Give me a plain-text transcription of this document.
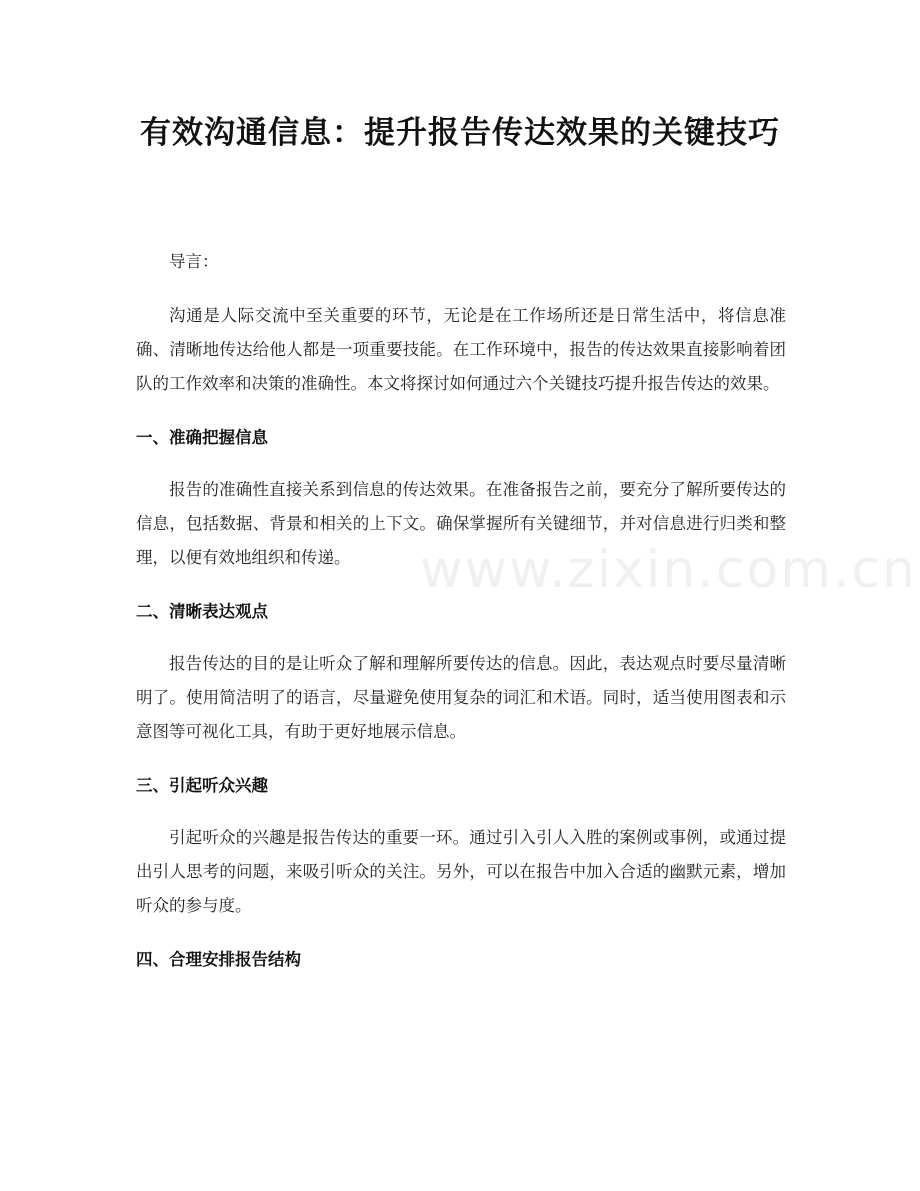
有效沟通信息：提升报告传达效果的关键技巧

导言：

沟通是人际交流中至关重要的环节，无论是在工作场所还是日常生活中，将信息准确、清晰地传达给他人都是一项重要技能。在工作环境中，报告的传达效果直接影响着团队的工作效率和决策的准确性。本文将探讨如何通过六个关键技巧提升报告传达的效果。

一、准确把握信息

报告的准确性直接关系到信息的传达效果。在准备报告之前，要充分了解所要传达的信息，包括数据、背景和相关的上下文。确保掌握所有关键细节，并对信息进行归类和整理，以便有效地组织和传递。

二、清晰表达观点

报告传达的目的是让听众了解和理解所要传达的信息。因此，表达观点时要尽量清晰明了。使用简洁明了的语言，尽量避免使用复杂的词汇和术语。同时，适当使用图表和示意图等可视化工具，有助于更好地展示信息。

三、引起听众兴趣

引起听众的兴趣是报告传达的重要一环。通过引入引人入胜的案例或事例，或通过提出引人思考的问题，来吸引听众的关注。另外，可以在报告中加入合适的幽默元素，增加听众的参与度。

四、合理安排报告结构
www.zixin.com.cn
